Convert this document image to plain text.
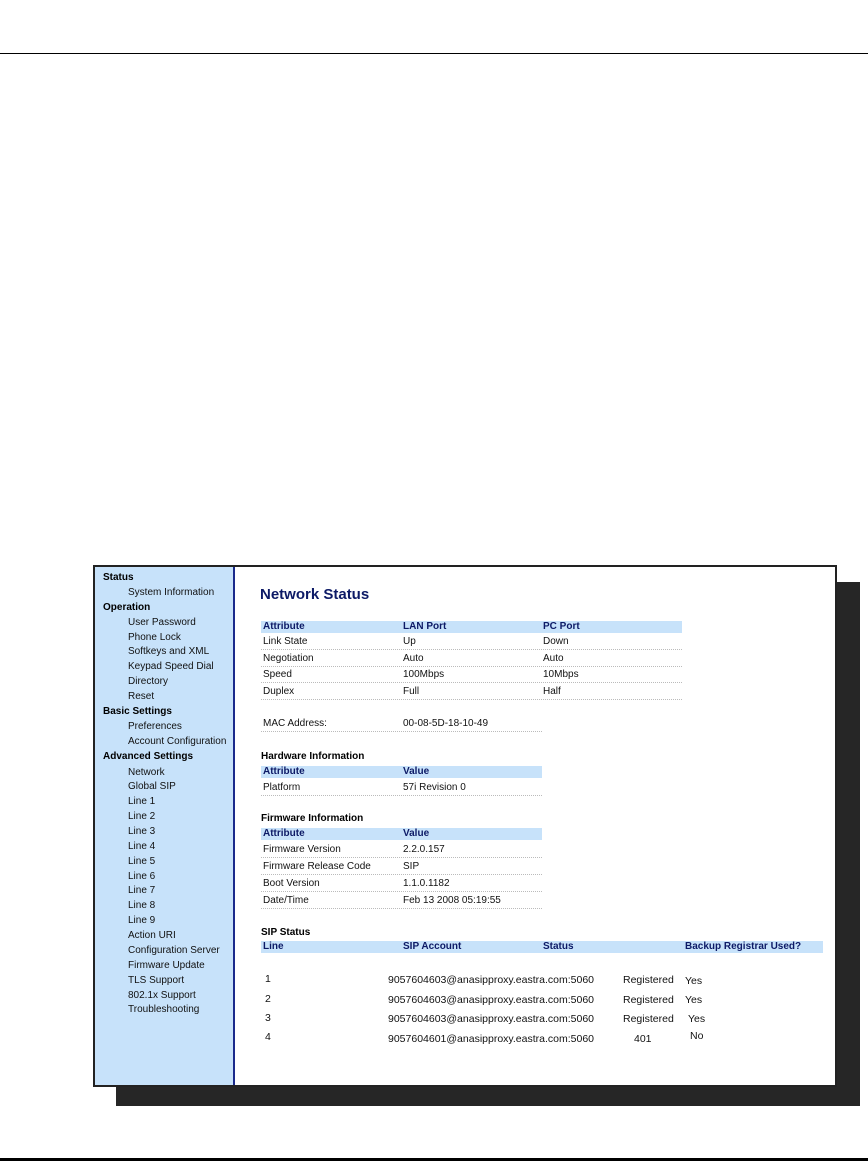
Status
System Information
Operation
User Password
Phone Lock
Softkeys and XML
Keypad Speed Dial
Directory
Reset
Basic Settings
Preferences
Account Configuration
Advanced Settings
Network
Global SIP
Line 1
Line 2
Line 3
Line 4
Line 5
Line 6
Line 7
Line 8
Line 9
Action URI
Configuration Server
Firmware Update
TLS Support
802.1x Support
Troubleshooting
Network Status
Attribute	LAN Port	PC Port
Link State	Up	Down
Negotiation	Auto	Auto
Speed	100Mbps	10Mbps
Duplex	Full	Half
MAC Address:	00-08-5D-18-10-49
Hardware Information
Attribute	Value
Platform	57i Revision 0
Firmware Information
Attribute	Value
Firmware Version	2.2.0.157
Firmware Release Code	SIP
Boot Version	1.1.0.1182
Date/Time	Feb 13 2008 05:19:55
SIP Status
Line	SIP Account	Status	Backup Registrar Used?
1	9057604603@anasipproxy.eastra.com:5060	Registered Yes
2	9057604603@anasipproxy.eastra.com:5060	Registered Yes
3	9057604603@anasipproxy.eastra.com:5060	Registered Yes
4	9057604601@anasipproxy.eastra.com:5060	401	No
